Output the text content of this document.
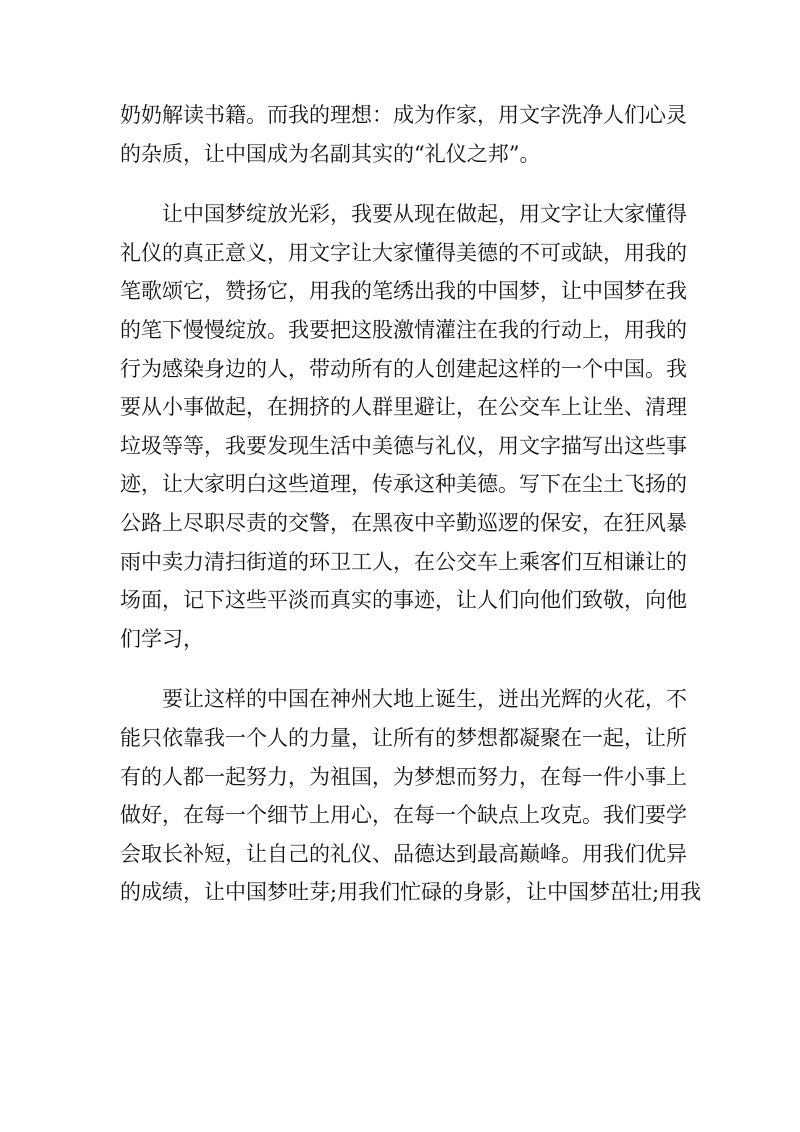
奶奶解读书籍。而我的理想：成为作家，用文字洗净人们心灵
的杂质，让中国成为名副其实的“礼仪之邦”。
让中国梦绽放光彩，我要从现在做起，用文字让大家懂得
礼仪的真正意义，用文字让大家懂得美德的不可或缺，用我的
笔歌颂它，赞扬它，用我的笔绣出我的中国梦，让中国梦在我
的笔下慢慢绽放。我要把这股激情灌注在我的行动上，用我的
行为感染身边的人，带动所有的人创建起这样的一个中国。我
要从小事做起，在拥挤的人群里避让，在公交车上让坐、清理
垃圾等等，我要发现生活中美德与礼仪，用文字描写出这些事
迹，让大家明白这些道理，传承这种美德。写下在尘土飞扬的
公路上尽职尽责的交警，在黑夜中辛勤巡逻的保安，在狂风暴
雨中卖力清扫街道的环卫工人，在公交车上乘客们互相谦让的
场面，记下这些平淡而真实的事迹，让人们向他们致敬，向他
们学习，
要让这样的中国在神州大地上诞生，迸出光辉的火花，不
能只依靠我一个人的力量，让所有的梦想都凝聚在一起，让所
有的人都一起努力，为祖国，为梦想而努力，在每一件小事上
做好，在每一个细节上用心，在每一个缺点上攻克。我们要学
会取长补短，让自己的礼仪、品德达到最高巅峰。用我们优异
的成绩，让中国梦吐芽;用我们忙碌的身影，让中国梦茁壮;用我
